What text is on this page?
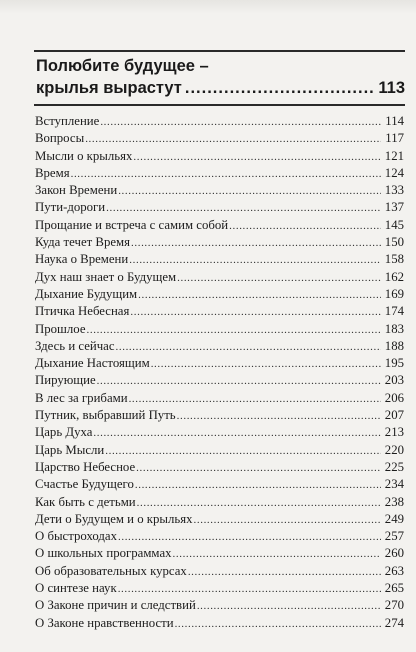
Полюбите будущее –
крылья вырастут .....	113
Вступление .....	114
Вопросы .....	117
Мысли о крыльях .....	121
Время .....	124
Закон Времени .....	133
Пути-дороги .....	137
Прощание и встреча с самим собой .....	145
Куда течет Время .....	150
Наука о Времени .....	158
Дух наш знает о Будущем .....	162
Дыхание Будущим .....	169
Птичка Небесная .....	174
Прошлое .....	183
Здесь и сейчас .....	188
Дыхание Настоящим .....	195
Пирующие .....	203
В лес за грибами .....	206
Путник, выбравший Путь .....	207
Царь Духа .....	213
Царь Мысли .....	220
Царство Небесное .....	225
Счастье Будущего .....	234
Как быть с детьми .....	238
Дети о Будущем и о крыльях .....	249
О быстроходах .....	257
О школьных программах .....	260
Об образовательных курсах .....	263
О синтезе наук .....	265
О Законе причин и следствий .....	270
О Законе нравственности .....	274
